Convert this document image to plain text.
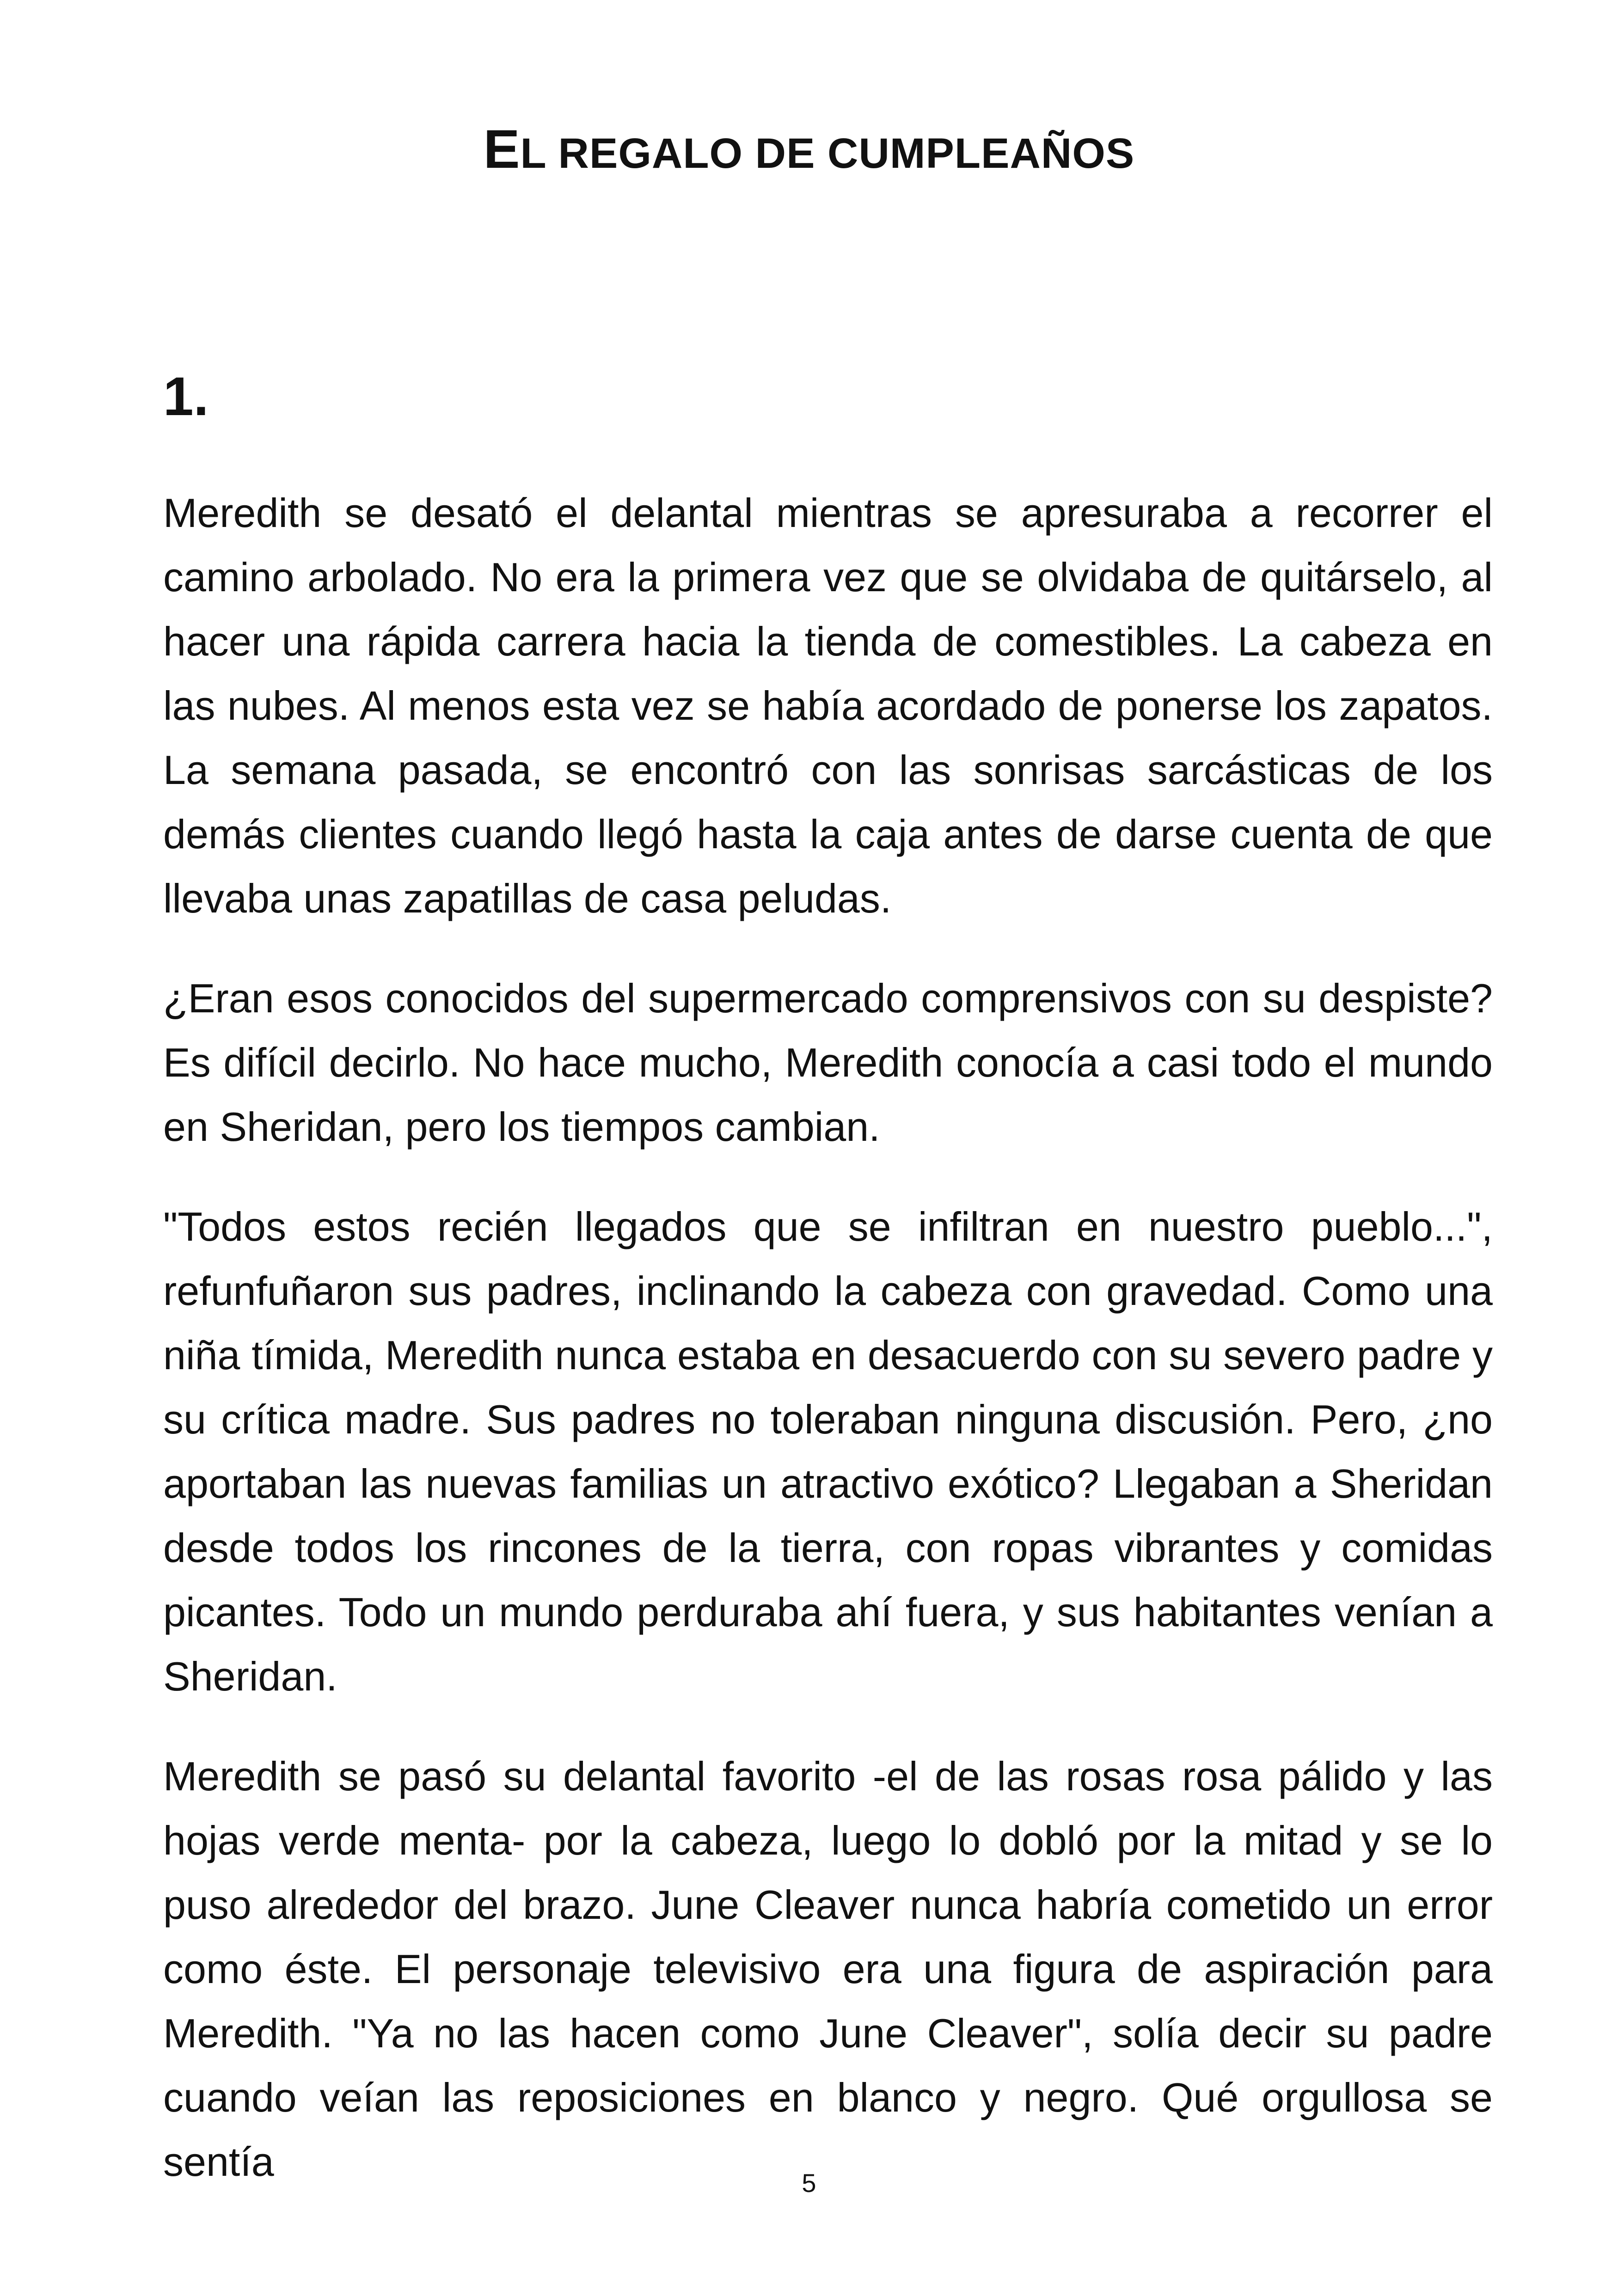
EL REGALO DE CUMPLEAÑOS
1.

Meredith se desató el delantal mientras se apresuraba a recorrer el camino arbolado. No era la primera vez que se olvidaba de quitárselo, al hacer una rápida carrera hacia la tienda de comestibles. La cabeza en las nubes. Al menos esta vez se había acordado de ponerse los zapatos. La semana pasada, se encontró con las sonrisas sarcásticas de los demás clientes cuando llegó hasta la caja antes de darse cuenta de que llevaba unas zapatillas de casa peludas.

¿Eran esos conocidos del supermercado comprensivos con su despiste? Es difícil decirlo. No hace mucho, Meredith conocía a casi todo el mundo en Sheridan, pero los tiempos cambian.

"Todos estos recién llegados que se infiltran en nuestro pueblo...", refunfuñaron sus padres, inclinando la cabeza con gravedad. Como una niña tímida, Meredith nunca estaba en desacuerdo con su severo padre y su crítica madre. Sus padres no toleraban ninguna discusión. Pero, ¿no aportaban las nuevas familias un atractivo exótico? Llegaban a Sheridan desde todos los rincones de la tierra, con ropas vibrantes y comidas picantes. Todo un mundo perduraba ahí fuera, y sus habitantes venían a Sheridan.

Meredith se pasó su delantal favorito -el de las rosas rosa pálido y las hojas verde menta- por la cabeza, luego lo dobló por la mitad y se lo puso alrededor del brazo. June Cleaver nunca habría cometido un error como éste. El personaje televisivo era una figura de aspiración para Meredith. "Ya no las hacen como June Cleaver", solía decir su padre cuando veían las reposiciones en blanco y negro. Qué orgullosa se sentía	5
